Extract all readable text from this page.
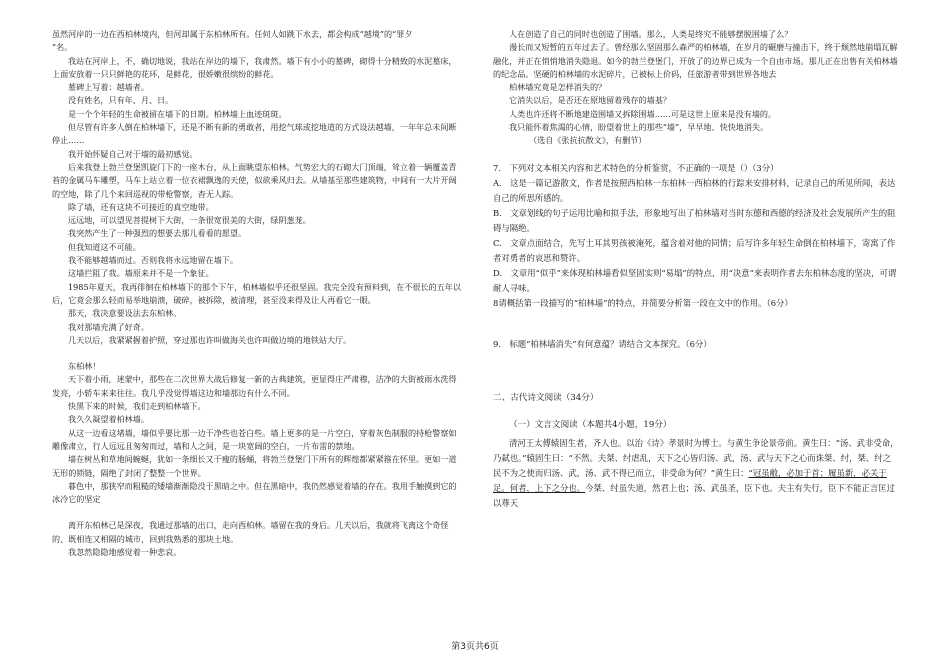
虽然河岸的一边在西柏林境内，但河却属于东柏林所有。任何人如跳下水去，都会构成“越境”的“罪夕

”名。

我站在河岸上，不，确切地说，我站在岸边的墙下，我肃然。墙下有小小的墓碑，砌得十分精致的水泥墓床，上面安放着一只只鲜艳的花环，是鲜花，很娇嫩很缤纷的鲜花。

墓碑上写着：越墙者。

没有姓名，只有年、月、日。

是一个个年轻的生命被留在墙下的日期。柏林墙上血迹斑斑。

但尽管有许多人倒在柏林墙下，还是不断有新的勇敢者，用挖气球或挖地道的方式设法越墙，一年年总未间断停止……

我开始怀疑自己对于墙的最初感觉。

后来我登上勃兰登堡凯旋门下的一座木台，从上面眺望东柏林。气势宏大的石砌大门顶端，耸立着一辆覆盖青苔的金属马车雕塑，马车上站立着一位衣裙飘逸的天使，似欲乘风归去。从墙基至那些建筑物，中间有一大片开阔的空地，除了几个来回巡视的带枪警察，杳无人踪。

除了墙，还有这块不可接近的真空地带。

远远地，可以望见菩提树下大街，一条很宽很美的大街，绿阴葱茏。

我突然产生了一种强烈的想要去那儿看看的愿望。

但我知道这不可能。

我不能够越墙而过。否则我将永远地留在墙下。

这墙拦阻了我。墙原来并不是一个象征。

1985年夏天，我再徘徊在柏林墙下的那个下午，柏林墙似乎还很坚固。我完全没有预料到，在不很长的五年以后，它竟会那么轻而易举地崩溃，破碎，被拆除，被清理，甚至没来得及让人再看它一眼。

那天，我决意要设法去东柏林。

我对那墙充满了好奇。

几天以后，我紧紧握着护照，穿过那也许叫做海关也许叫做边境的地铁站大厅。

东柏林！

天下着小雨，迷蒙中，那些在二次世界大战后修复一新的古典建筑，更显得庄严肃穆，洁净的大街被雨水洗得发亮，小轿车来来往往。我几乎没觉得墙这边和墙那边有什么不同。

快黑下来的时候，我们走到柏林墙下。

我久久凝望着柏林墙。

从这一边看这堵墙，墙似乎要比那一边干净些也苍白些。墙上更多的是一片空白，穿着灰色制服的持枪警察如雕像肃立，行人远远且匆匆而过，墙和人之间，是一块宽阔的空白，一片布雷的禁地。

墙在树丛和草地间蜿蜒，犹如一条细长又干瘦的肠蛹，将勃兰登堡门下所有的辉煌都紧紧箍在怀里。更如一道无形的锁链，隔绝了封闭了整整一个世界。

暮色中，那狭窄而粗糙的矮墙渐渐隐没于黑暗之中。但在黑暗中，我仍然感觉着墙的存在。我用手触摸到它的冰冷它的坚定

离开东柏林已是深夜，我通过那墙的出口，走向西柏林。墙留在我的身后。几天以后，我就将飞离这个奇怪的、既相连又相隔的城市，回到我熟悉的那块土地。

我忽然隐隐地感觉着一种悲哀。

人在创造了自己的同时也创造了围墙。那么，人类是终究不能够摆脱围墙了么？

漫长而又短暂的五年过去了。曾经那么坚固那么森严的柏林墙，在岁月的碾磨与撞击下，终于颓然地崩塌瓦解融化，并正在悄悄地消失隐退。如今的勃兰登堡门，开放了的边界已成为一个自由市场。那儿正在出售有关柏林墙的纪念品。坚硬的柏林墙的水泥碎片，已被标上价码，任旅游者带到世界各地去

柏林墙究竟是怎样消失的？

它消失以后，是否还在原地留着残存的墙基？

人类也许还将不断地建造围墙又拆除围墙……可是这世上原来是没有墙的。

我只能怀着焦渴的心情，盼望着世上的那些“墙”，早早地、快快地消失。

（选自《张抗抗散文》，有删节）

7.　下列对文本相关内容和艺术特色的分析鉴赏，不正确的一项是（）（3分）

A.　这是一篇记游散文，作者是按照西柏林一东柏林一西柏林的行踪来安排材料，记录自己的所见所闻，表达自己的所思所感的。

B.　文章划线的句子运用比喻和拟手法，形象地写出了柏林墙对当时东德和西德的经济及社会发展所产生的阻碍与隔绝。

C.　文章点面结合，先写土耳其男孩被淹死，蕴含着对他的同情；后写许多年轻生命倒在柏林墙下，寄寓了作者对勇者的哀思和赞许。

D.　文章用“似乎”来体现柏林墙看似坚固实则“易塌”的特点，用“决意”来表明作者去东柏林态度的坚决，可谓耐人寻味。

8请概括第一段描写的“柏林墙”的特点，并简要分析第一段在文中的作用。（6分）

9.　标题“柏林墙消失”有何意蕴？请结合文本探究。（6分）

二、古代诗文阅读（34分）

（一）文言文阅读（本题共4小题，19分）

清河王太傅辕固生者，齐人也。以治《诗》孝景时为博士。与黄生争论景帝前。黄生曰：“汤、武非受命，乃弑也。”辕固生曰：“不然。夫桀、纣虐乱，天下之心皆归汤、武，汤、武与天下之心而诛桀、纣，桀、纣之民不为之使而归汤、武，汤、武不得已而立，非受命为何？”黄生曰：“冠虽敝，必加于首；履虽新，必关于足。何者，上下之分也。今桀、纣虽失道，然君上也；汤、武虽圣，臣下也。夫主有失行，臣下不能正言匡过以尊天

第3页共6页
